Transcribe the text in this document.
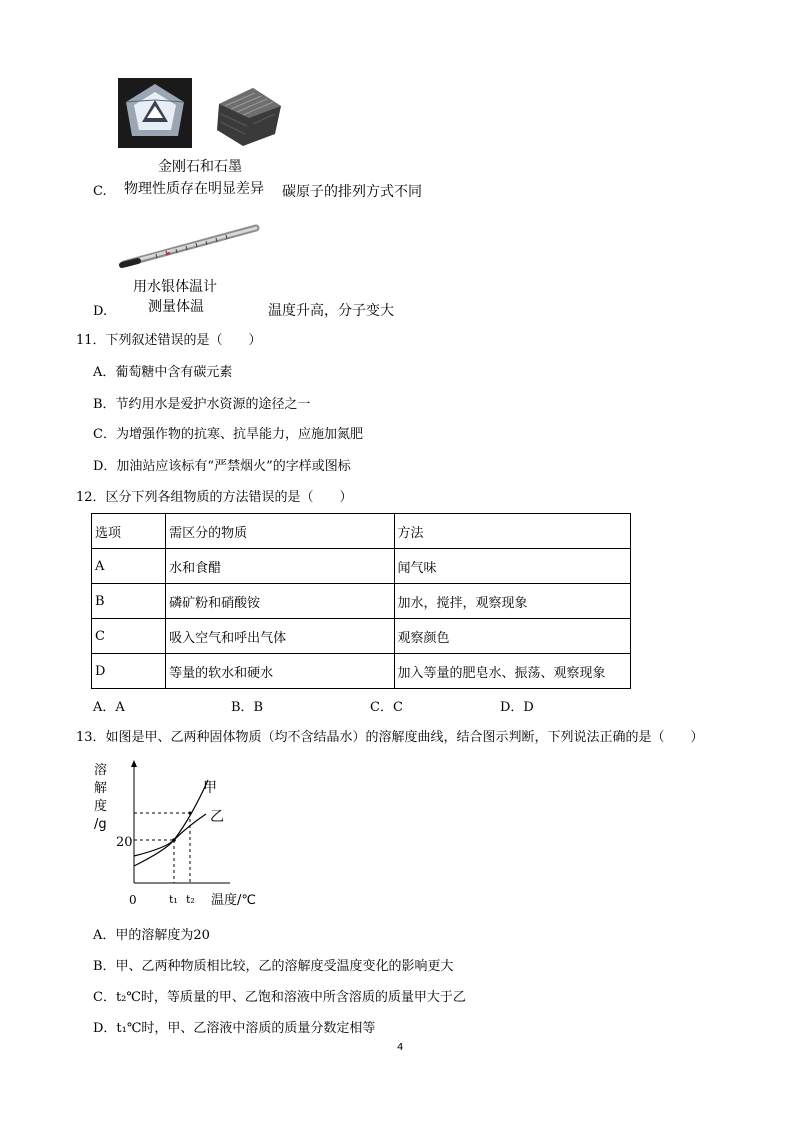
金刚石和石墨
C. 物理性质存在明显差异 碳原子的排列方式不同
用水银体温计
D.	测量体温	温度升高，分子变大
11．下列叙述错误的是（　　）
A．葡萄糖中含有碳元素
B．节约用水是爱护水资源的途径之一
C．为增强作物的抗寒、抗旱能力，应施加氮肥
D．加油站应该标有“严禁烟火”的字样或图标
12．区分下列各组物质的方法错误的是（　　）
选项	需区分的物质	方法
A	水和食醋	闻气味
B	磷矿粉和硝酸铵	加水，搅拌，观察现象
C	吸入空气和呼出气体	观察颜色
D	等量的软水和硬水	加入等量的肥皂水、振荡、观察现象
A．A	B．B	C．C	D．D
13．如图是甲、乙两种固体物质（均不含结晶水）的溶解度曲线，结合图示判断，下列说法正确的是（　　）
溶
解
度
/g
20
0	t₁ t₂ 温度/℃
甲
乙
A．甲的溶解度为20
B．甲、乙两种物质相比较，乙的溶解度受温度变化的影响更大
C．t₂℃时，等质量的甲、乙饱和溶液中所含溶质的质量甲大于乙
D．t₁℃时，甲、乙溶液中溶质的质量分数定相等
4
